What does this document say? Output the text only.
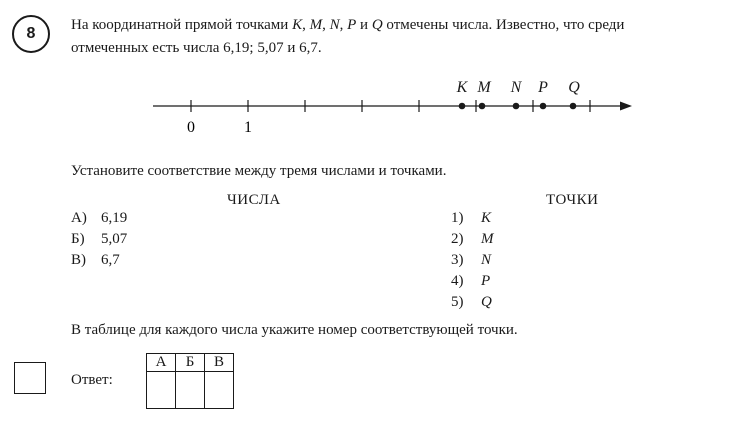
8 На координатной прямой точками K, M, N, P и Q отмечены числа. Известно, что среди
отмеченных есть числа 6,19; 5,07 и 6,7.
0	1
K M N P Q
Установите соответствие между тремя числами и точками.
ЧИСЛА
А) 6,19
Б) 5,07
В) 6,7
ТОЧКИ
1) K
2) M
3) N
4) P
5) Q
В таблице для каждого числа укажите номер соответствующей точки.
Ответ:
А	Б	В
